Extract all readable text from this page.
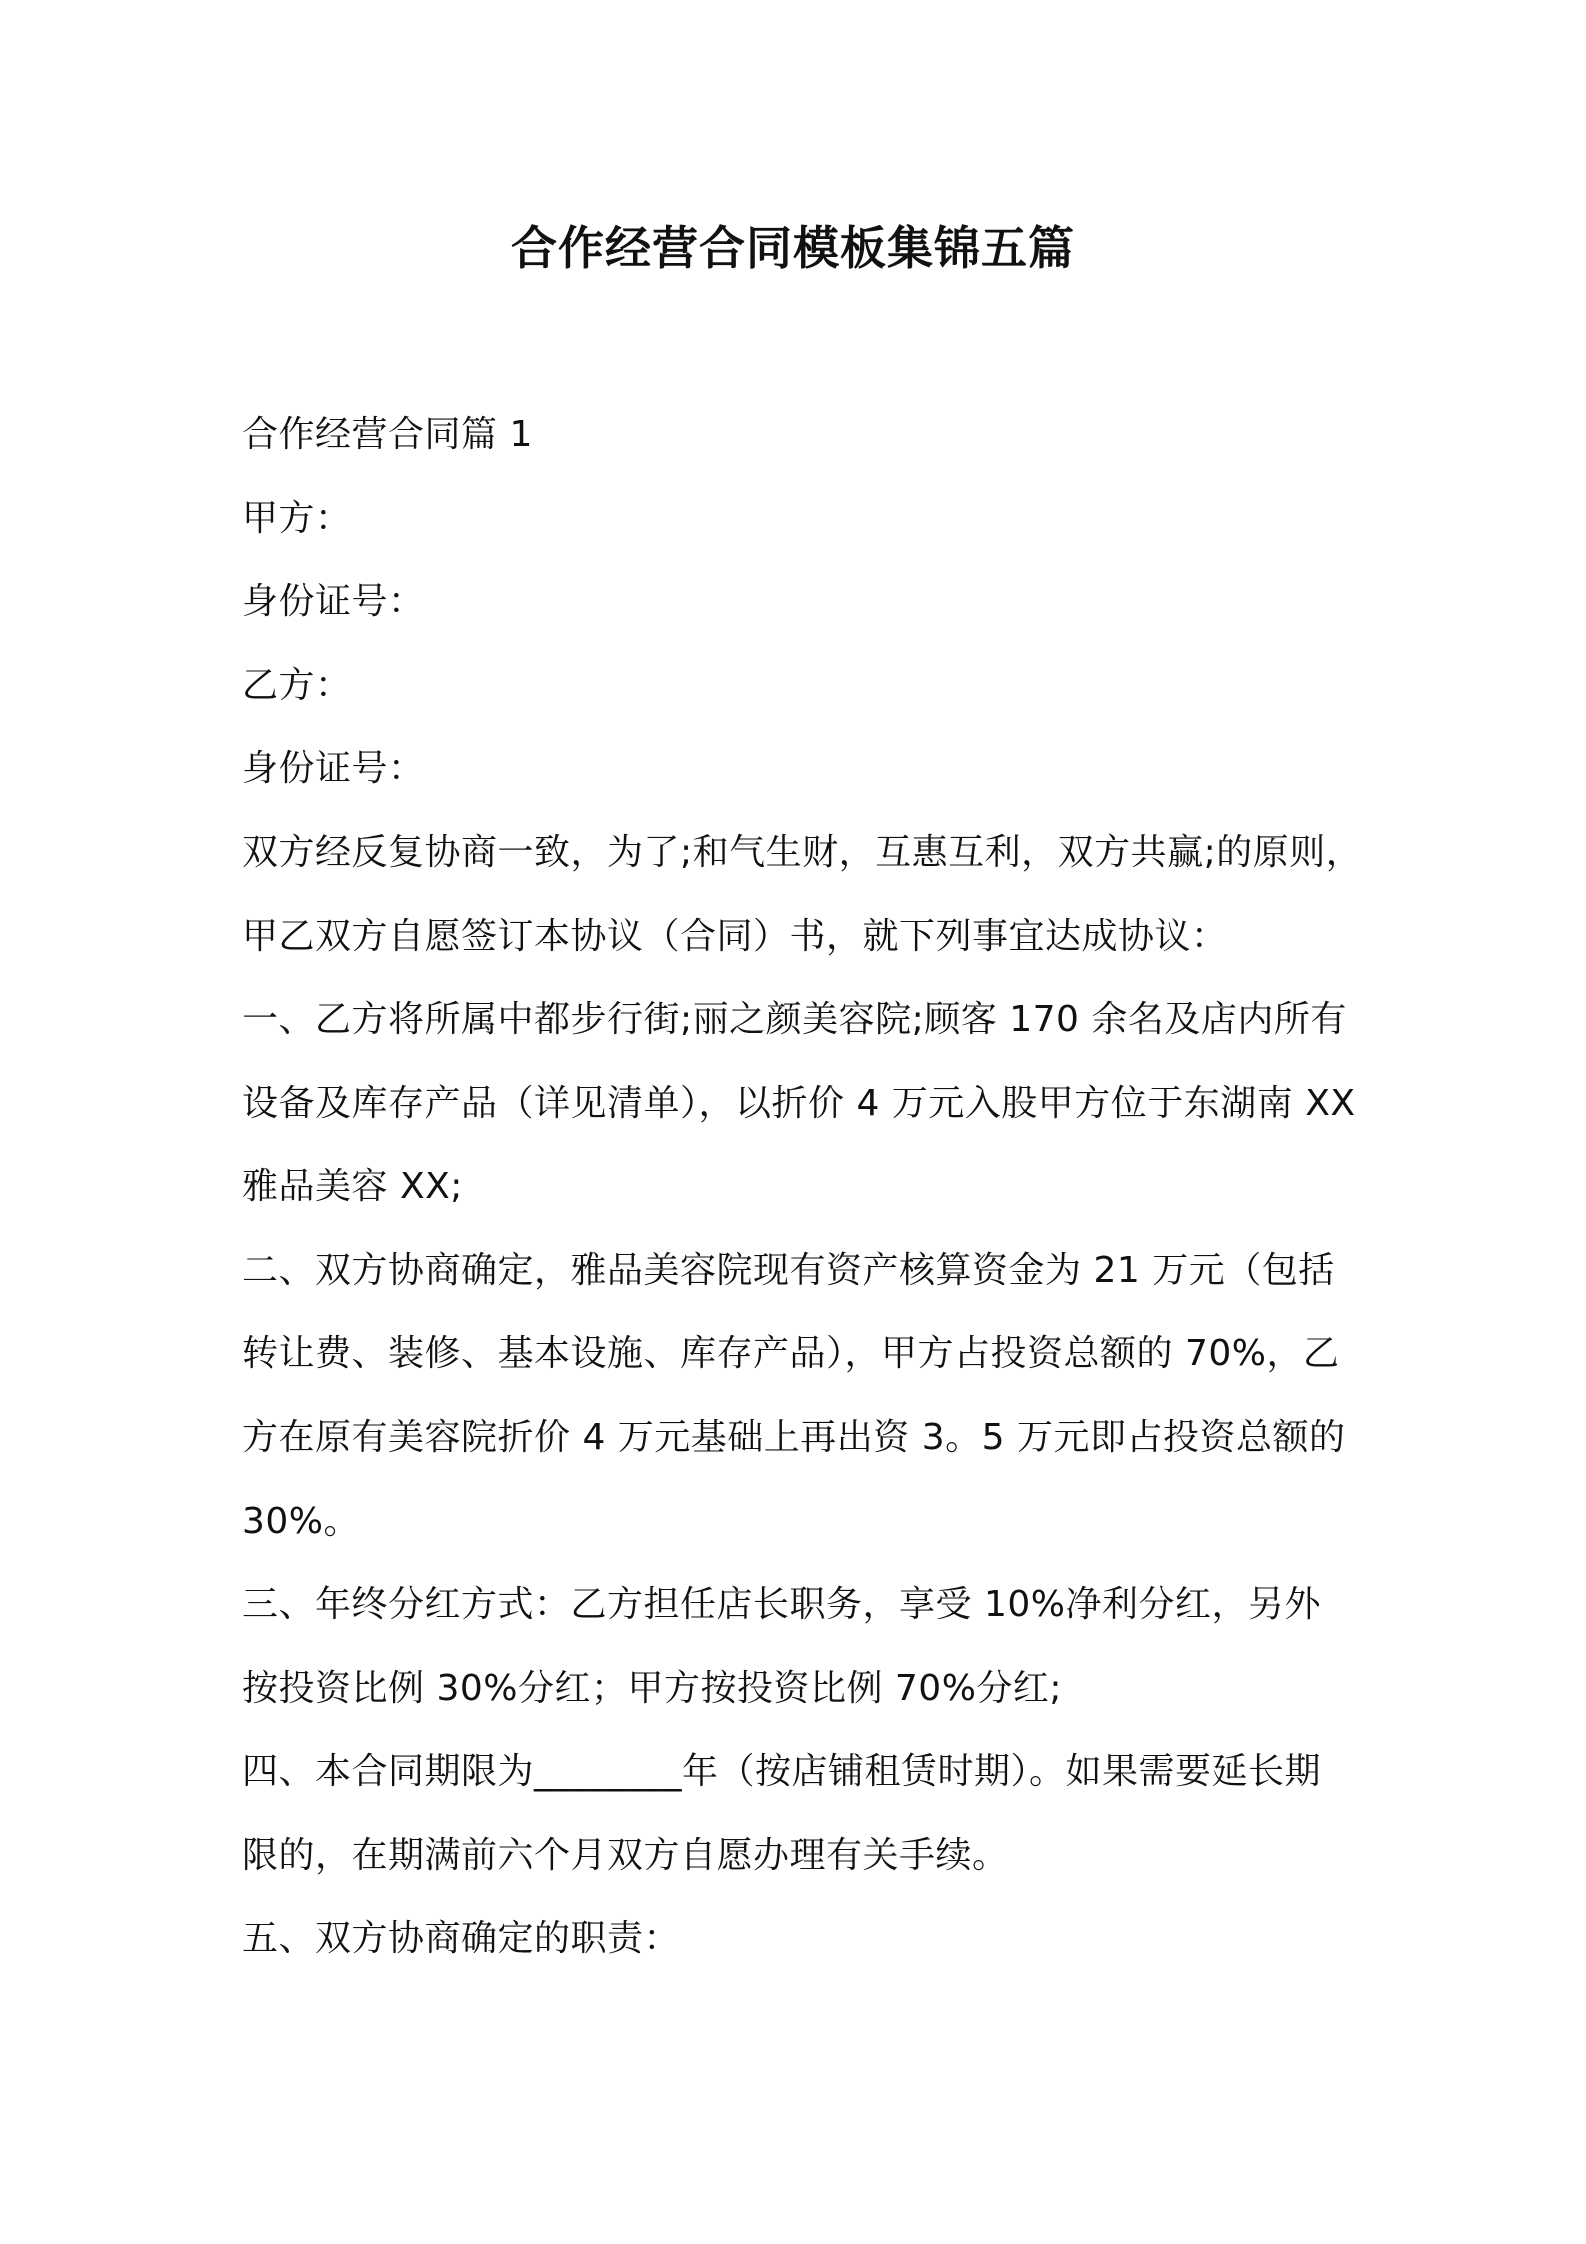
合作经营合同模板集锦五篇
合作经营合同篇 1
甲方：
身份证号：
乙方：
身份证号：
双方经反复协商一致，为了;和气生财，互惠互利，双方共赢;的原则，
甲乙双方自愿签订本协议（合同）书，就下列事宜达成协议：
一、乙方将所属中都步行街;丽之颜美容院;顾客 170 余名及店内所有
设备及库存产品（详见清单），以折价 4 万元入股甲方位于东湖南 XX
雅品美容 XX;
二、双方协商确定，雅品美容院现有资产核算资金为 21 万元（包括
转让费、装修、基本设施、库存产品），甲方占投资总额的 70%，乙
方在原有美容院折价 4 万元基础上再出资 3。5 万元即占投资总额的
30%。
三、年终分红方式：乙方担任店长职务，享受 10%净利分红，另外
按投资比例 30%分红；甲方按投资比例 70%分红;
四、本合同期限为________年（按店铺租赁时期）。如果需要延长期
限的，在期满前六个月双方自愿办理有关手续。
五、双方协商确定的职责：
